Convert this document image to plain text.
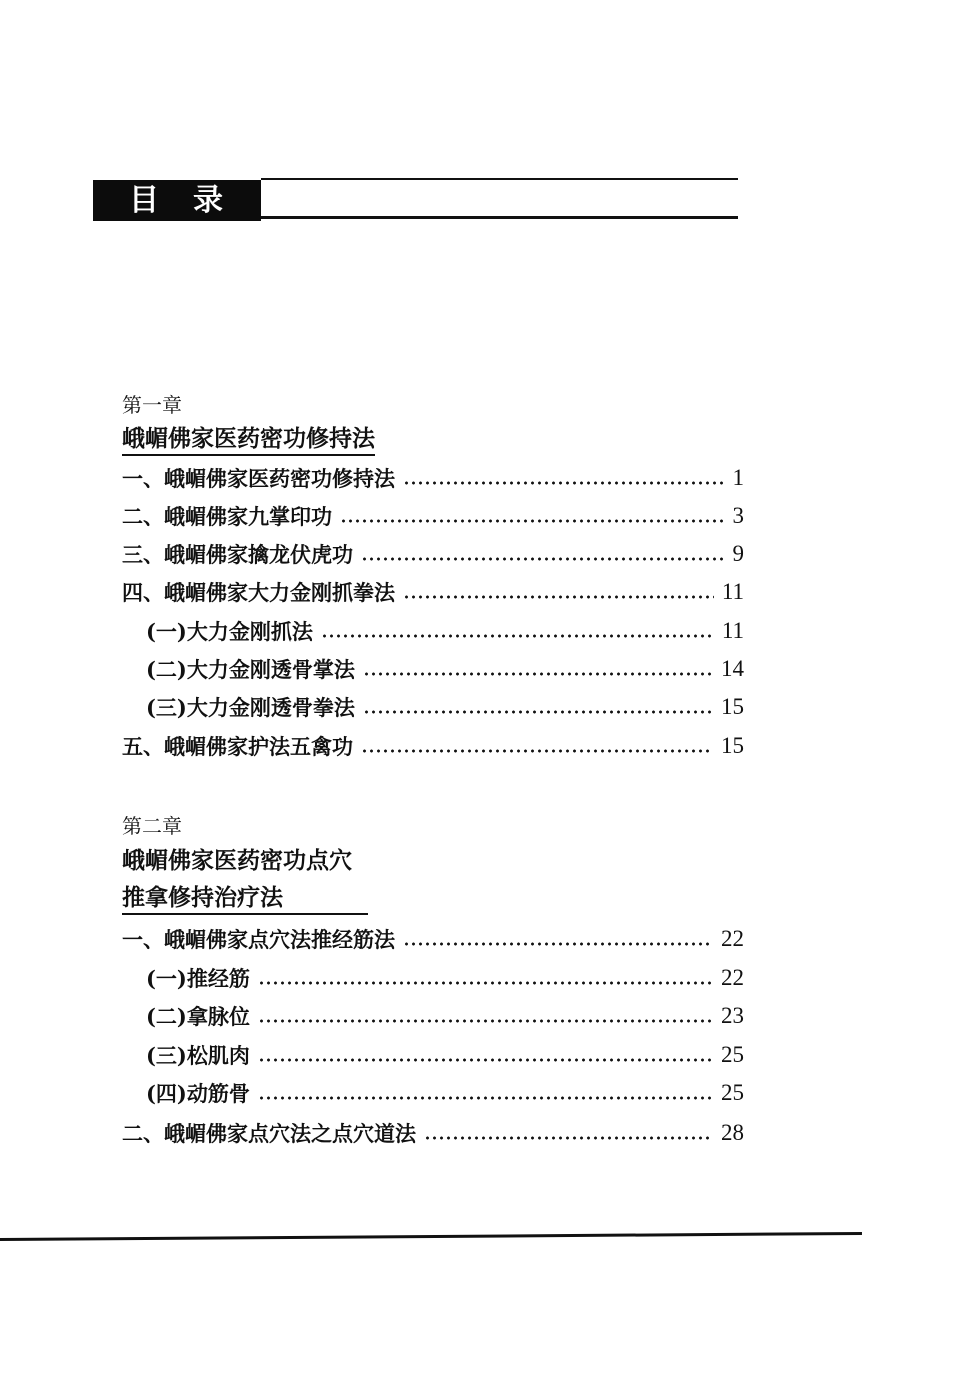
目 录
第一章
峨嵋佛家医药密功修持法
一、峨嵋佛家医药密功修持法	1
二、峨嵋佛家九掌印功	3
三、峨嵋佛家擒龙伏虎功	9
四、峨嵋佛家大力金刚抓拳法	11
(一)大力金刚抓法	11
(二)大力金刚透骨掌法	14
(三)大力金刚透骨拳法	15
五、峨嵋佛家护法五禽功	15
第二章
峨嵋佛家医药密功点穴
推拿修持治疗法
一、峨嵋佛家点穴法推经筋法	22
(一)推经筋	22
(二)拿脉位	23
(三)松肌肉	25
(四)动筋骨	25
二、峨嵋佛家点穴法之点穴道法	28
